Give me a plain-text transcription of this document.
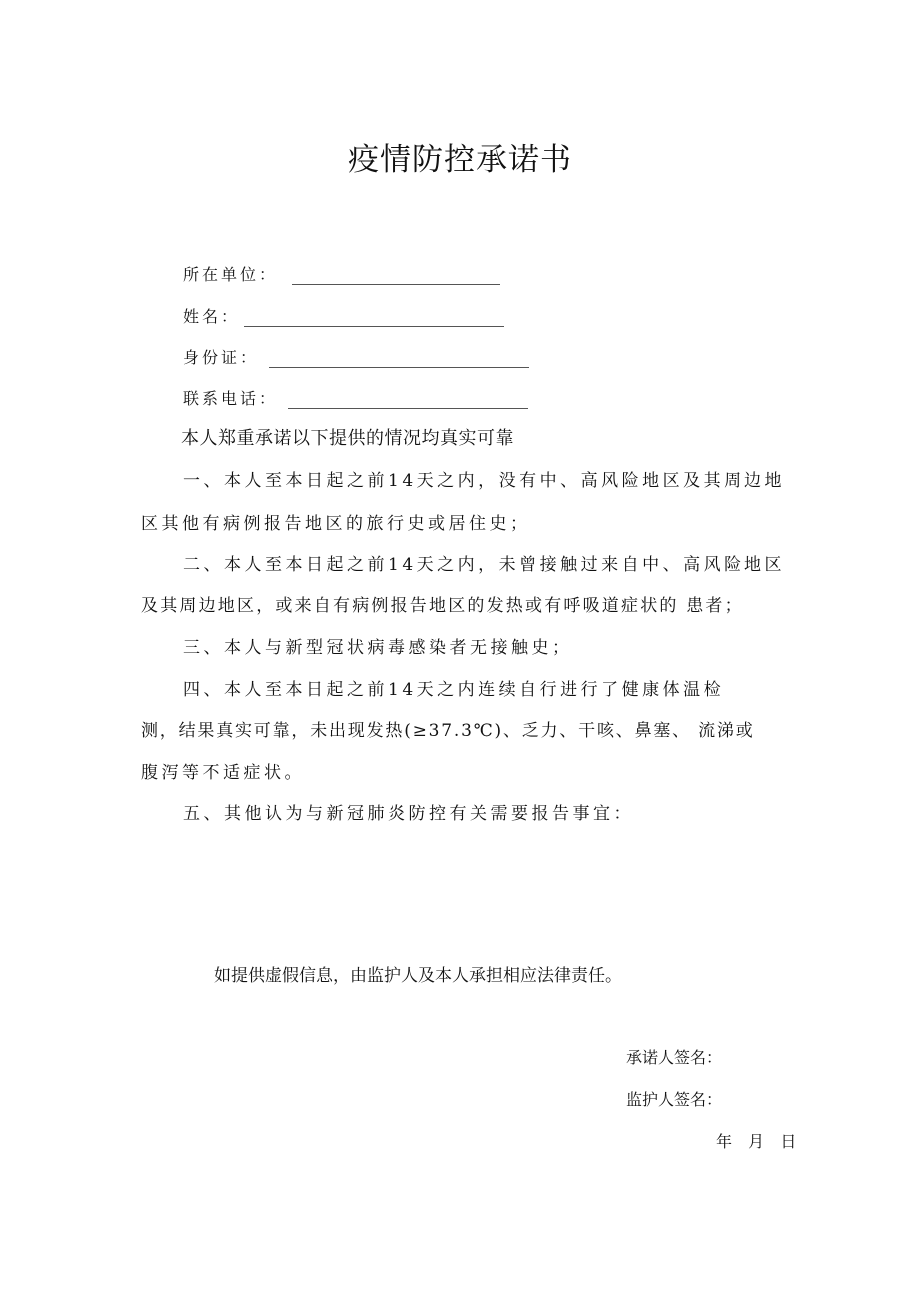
疫情防控承诺书
所在单位：
姓名：
身份证：
联系电话：
本人郑重承诺以下提供的情况均真实可靠
一、本人至本日起之前14天之内，没有中、高风险地区及其周 边地
区其他有病例报告地区的旅行史或居住史；
二、本人至本日起之前14天之内，未曾接触过来自中、高风险 地区
及其周边地区，或来自有病例报告地区的发热或有呼吸道症状的 患者；
三、本人与新型冠状病毒感染者无接触史；
四、本人至本日起之前14天之内连续自行进行了健康体温检
测，结果真实可靠，未出现发热(≥37.3℃)、乏力、干咳、鼻塞、 流涕或
腹泻等不适症状。
五、其他认为与新冠肺炎防控有关需要报告事宜：
如提供虚假信息，由监护人及本人承担相应法律责任。
承诺人签名：
监护人签名：
年  月  日
